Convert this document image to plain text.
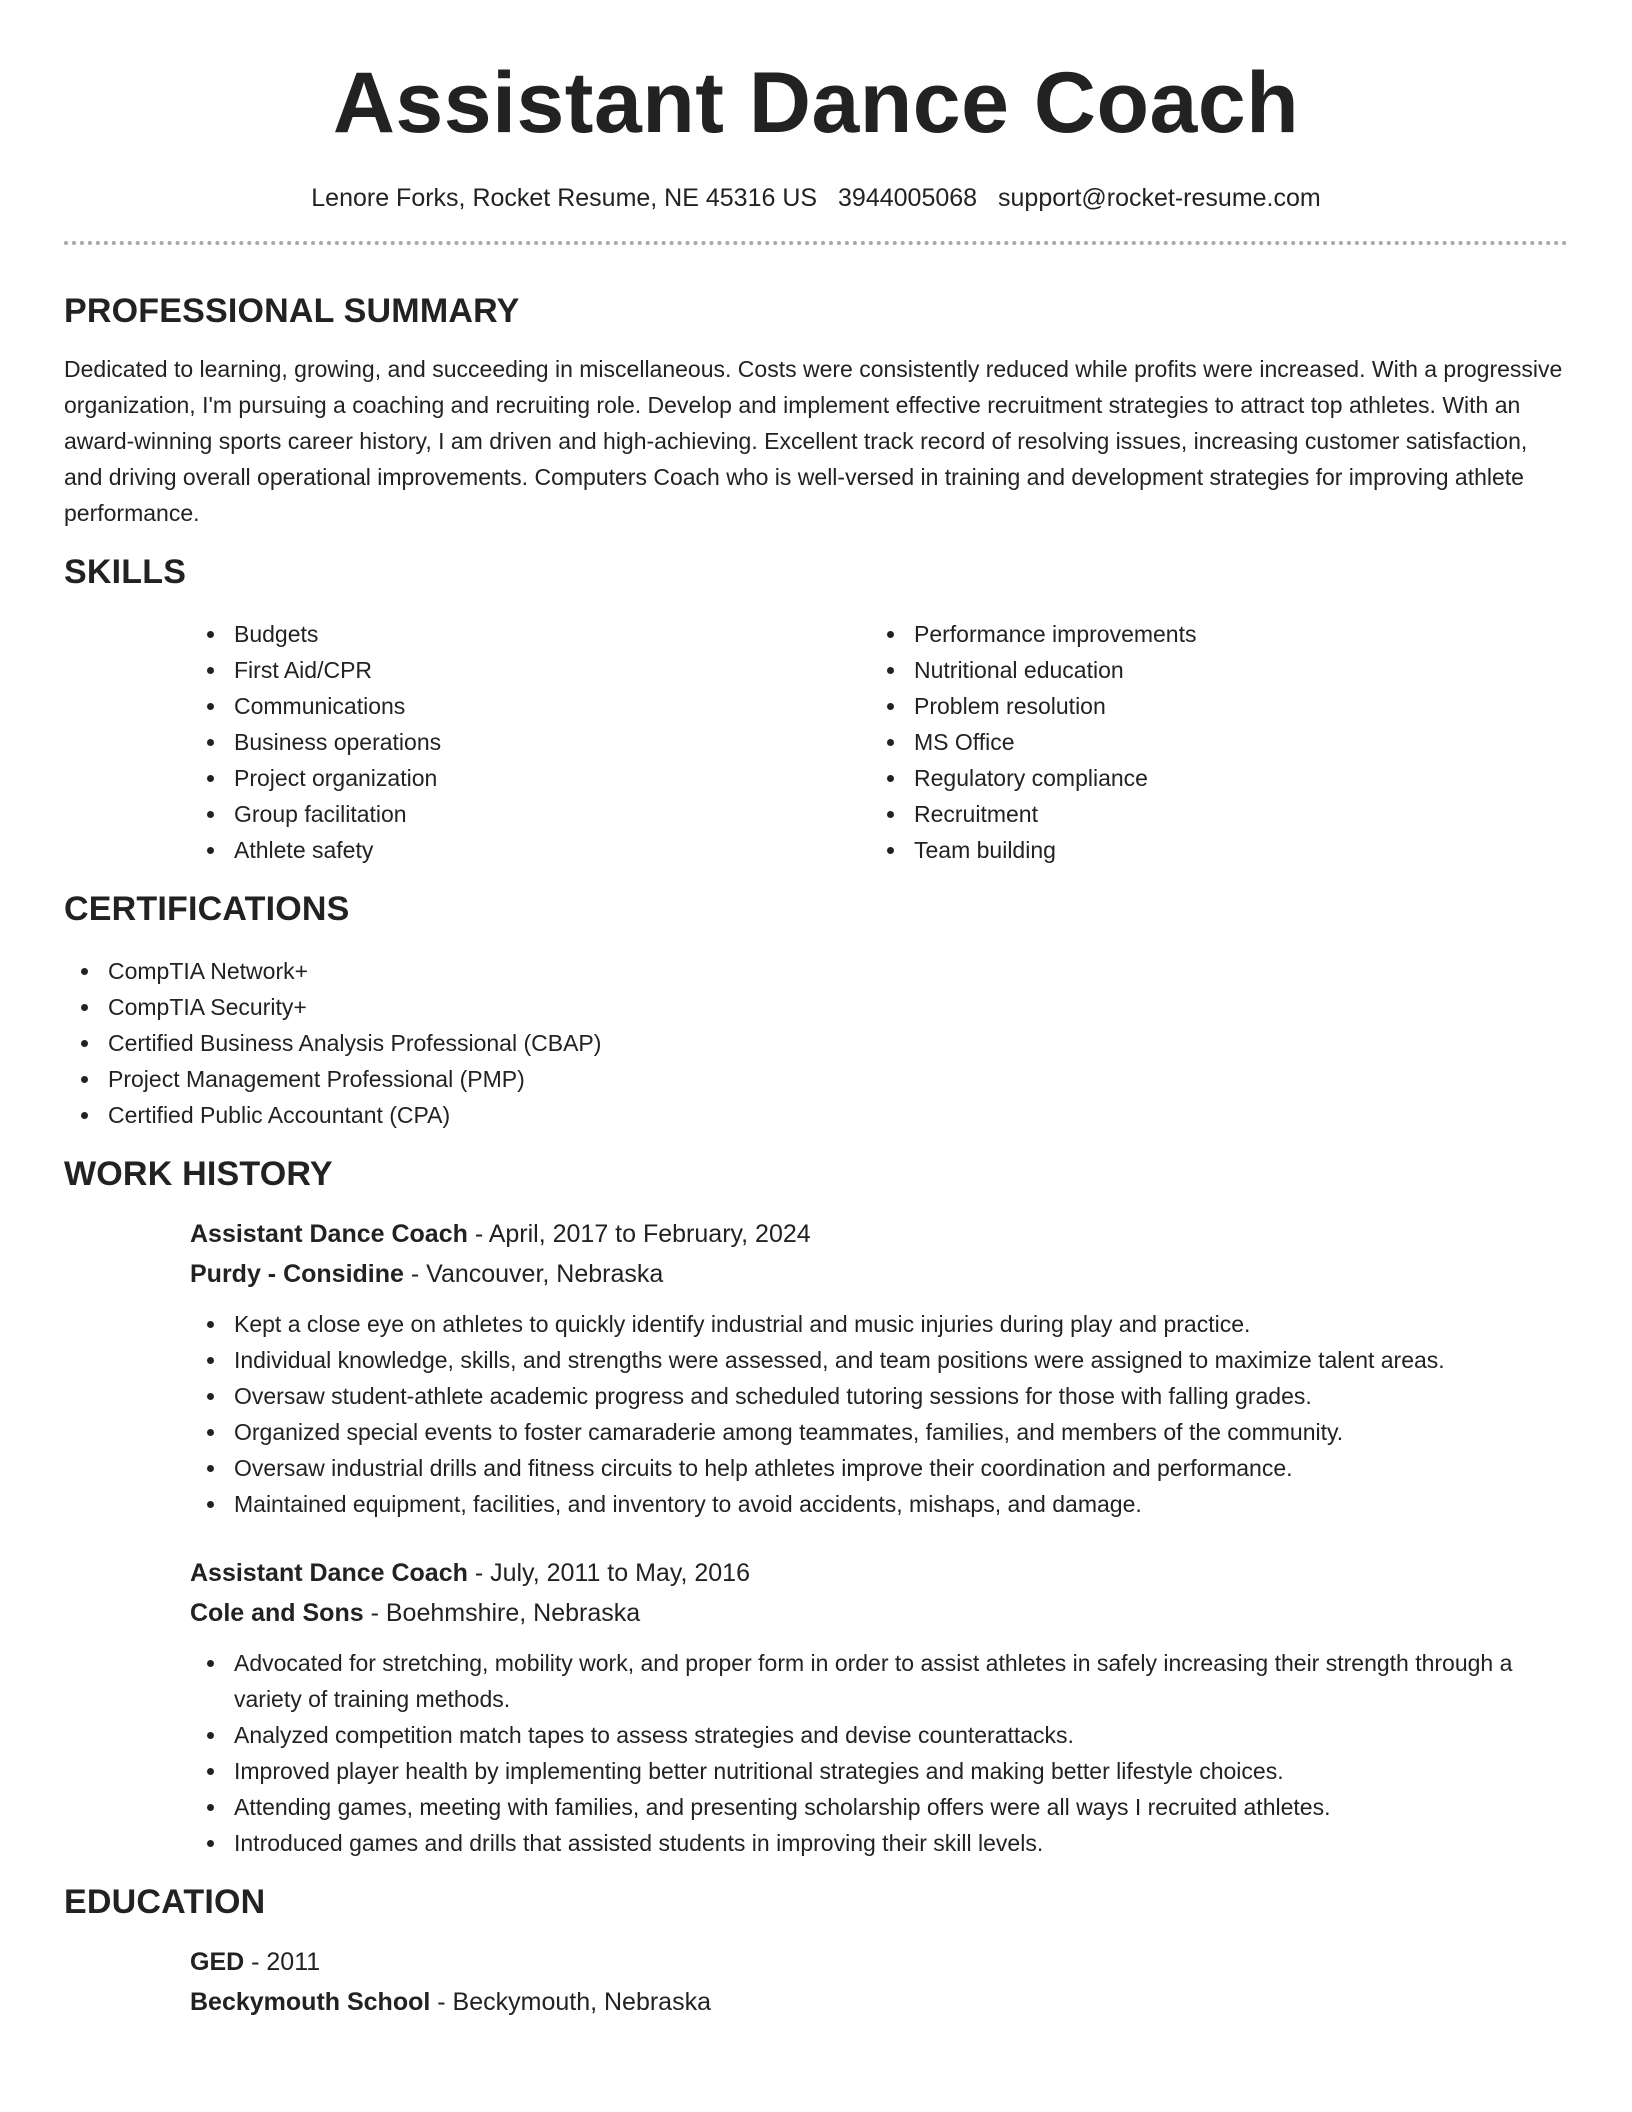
Assistant Dance Coach
Lenore Forks, Rocket Resume, NE 45316 US 3944005068 support@rocket-resume.com
PROFESSIONAL SUMMARY

Dedicated to learning, growing, and succeeding in miscellaneous. Costs were consistently reduced while profits were increased. With a progressive organization, I'm pursuing a coaching and recruiting role. Develop and implement effective recruitment strategies to attract top athletes. With an award-winning sports career history, I am driven and high-achieving. Excellent track record of resolving issues, increasing customer satisfaction, and driving overall operational improvements. Computers Coach who is well-versed in training and development strategies for improving athlete performance.

SKILLS
Budgets
First Aid/CPR
Communications
Business operations
Project organization
Group facilitation
Athlete safety
Performance improvements
Nutritional education
Problem resolution
MS Office
Regulatory compliance
Recruitment
Team building
CERTIFICATIONS
CompTIA Network+
CompTIA Security+
Certified Business Analysis Professional (CBAP)
Project Management Professional (PMP)
Certified Public Accountant (CPA)
WORK HISTORY
Assistant Dance Coach - April, 2017 to February, 2024
Purdy - Considine - Vancouver, Nebraska
Kept a close eye on athletes to quickly identify industrial and music injuries during play and practice.
Individual knowledge, skills, and strengths were assessed, and team positions were assigned to maximize talent areas.
Oversaw student-athlete academic progress and scheduled tutoring sessions for those with falling grades.
Organized special events to foster camaraderie among teammates, families, and members of the community.
Oversaw industrial drills and fitness circuits to help athletes improve their coordination and performance.
Maintained equipment, facilities, and inventory to avoid accidents, mishaps, and damage.
Assistant Dance Coach - July, 2011 to May, 2016
Cole and Sons - Boehmshire, Nebraska
Advocated for stretching, mobility work, and proper form in order to assist athletes in safely increasing their strength through a variety of training methods.
Analyzed competition match tapes to assess strategies and devise counterattacks.
Improved player health by implementing better nutritional strategies and making better lifestyle choices.
Attending games, meeting with families, and presenting scholarship offers were all ways I recruited athletes.
Introduced games and drills that assisted students in improving their skill levels.
EDUCATION
GED - 2011
Beckymouth School - Beckymouth, Nebraska
